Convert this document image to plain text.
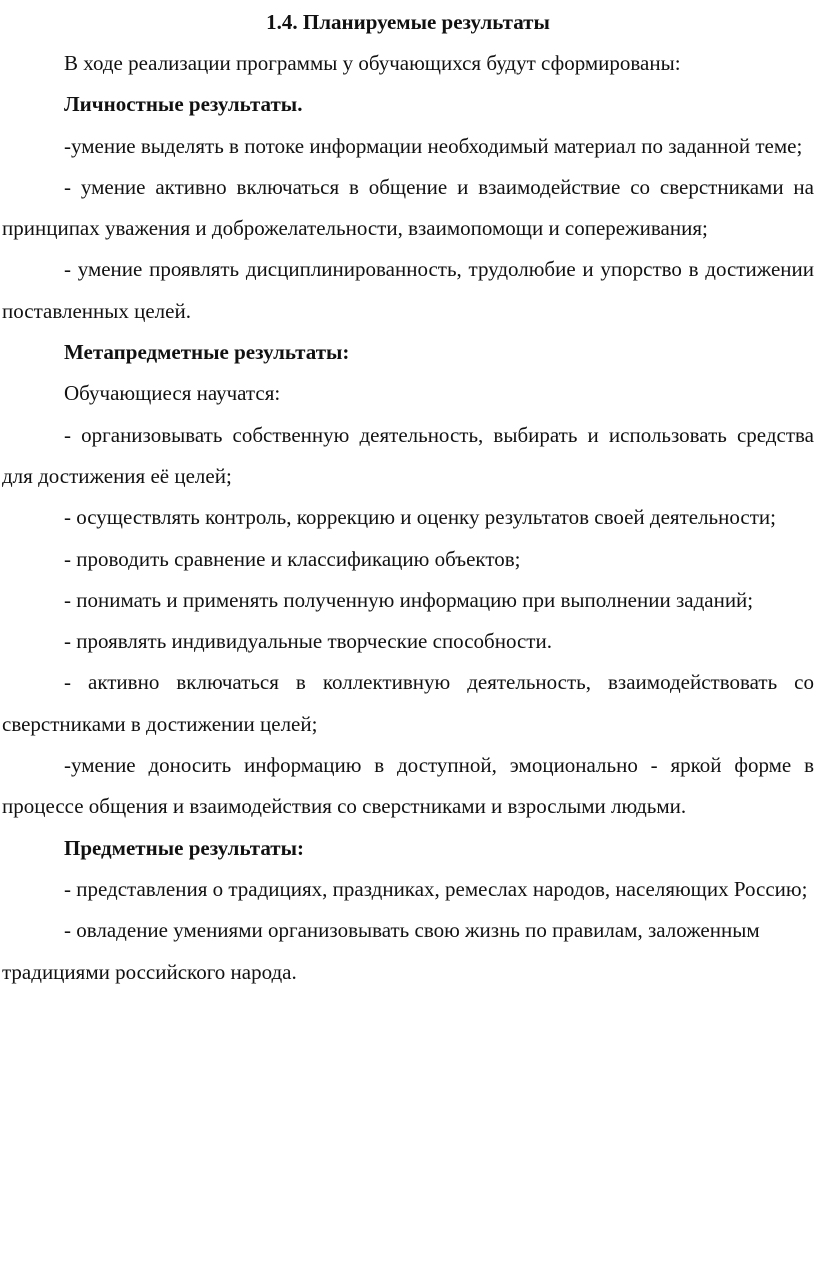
1.4. Планируемые результаты

В ходе реализации программы у обучающихся будут сформированы:

Личностные результаты.

-умение выделять в потоке информации необходимый материал по заданной теме;

- умение активно включаться в общение и взаимодействие со сверстниками на принципах уважения и доброжелательности, взаимопомощи и сопереживания;

- умение проявлять дисциплинированность, трудолюбие и упорство в достижении поставленных целей.

Метапредметные результаты:

Обучающиеся научатся:

- организовывать собственную деятельность, выбирать и использовать средства для достижения её целей;

- осуществлять контроль, коррекцию и оценку результатов своей деятельности;

- проводить сравнение и классификацию объектов;

- понимать и применять полученную информацию при выполнении заданий;

- проявлять индивидуальные творческие способности.

- активно включаться в коллективную деятельность, взаимодействовать со сверстниками в достижении целей;

-умение доносить информацию в доступной, эмоционально - яркой форме в процессе общения и взаимодействия со сверстниками и взрослыми людьми.

Предметные результаты:

- представления о традициях, праздниках, ремеслах народов, населяющих Россию;

- овладение умениями организовывать свою жизнь по правилам, заложенным традициями российского народа.
